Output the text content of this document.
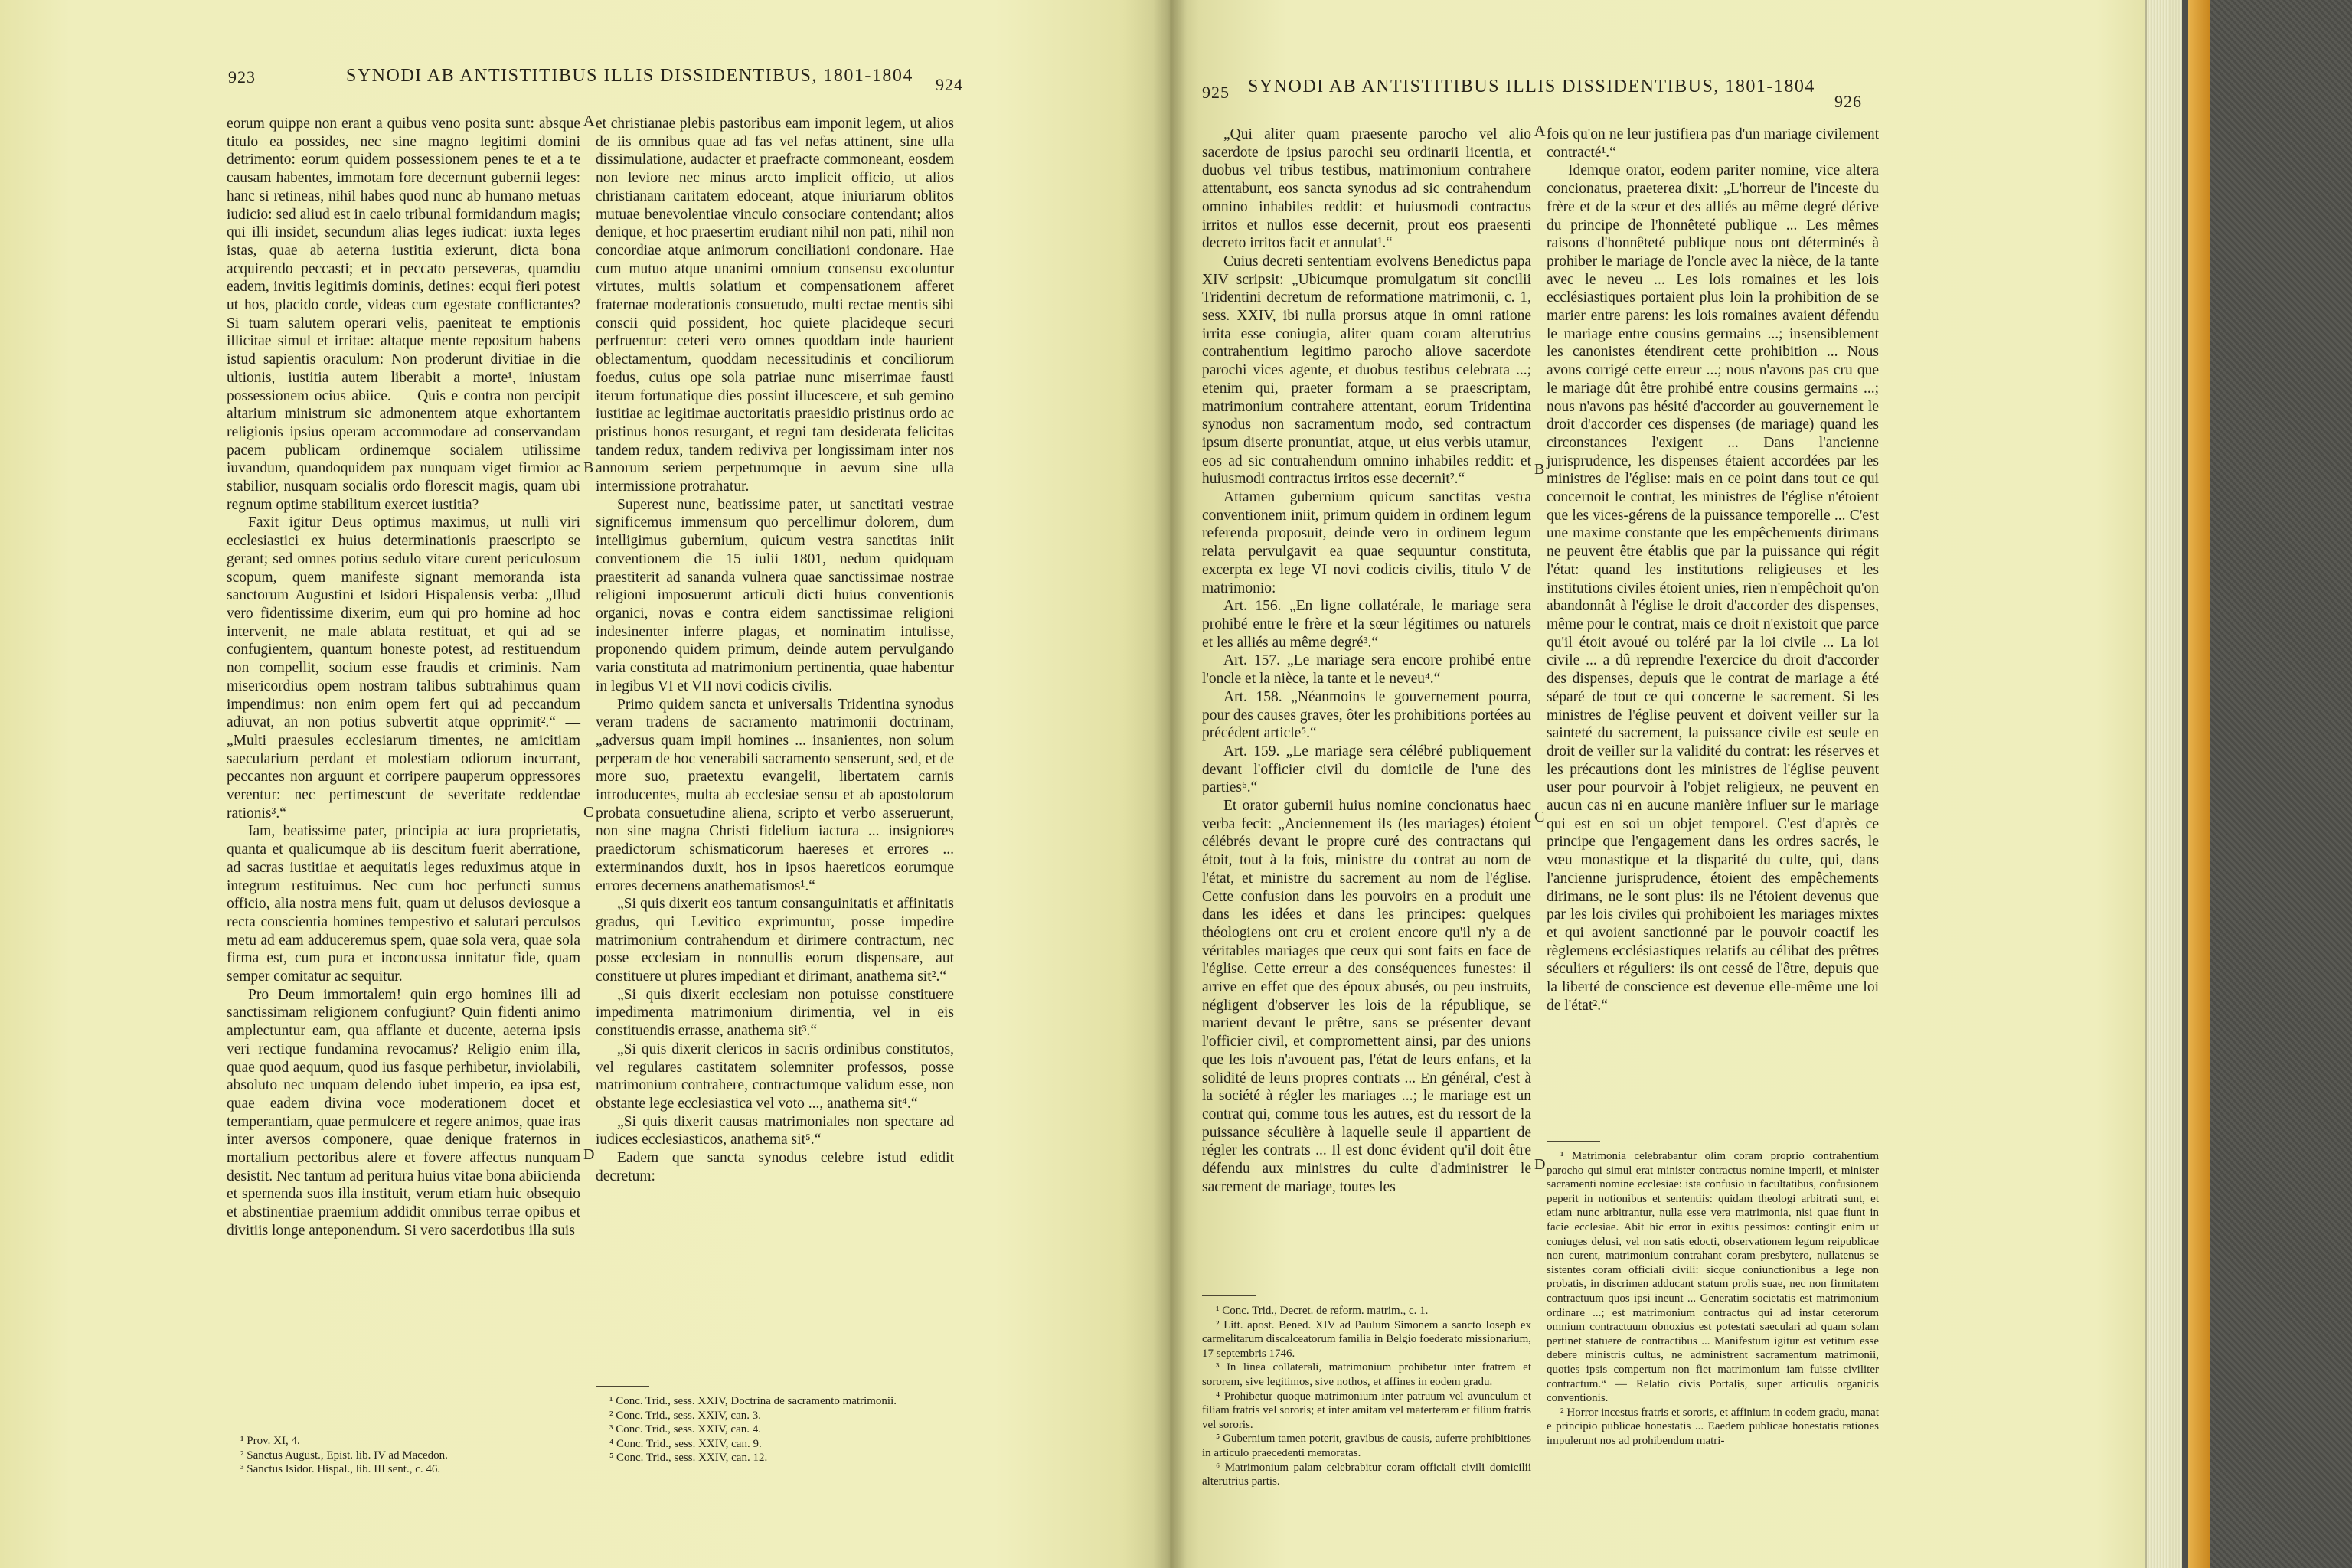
923	SYNODI AB ANTISTITIBUS ILLIS DISSIDENTIBUS, 1801-1804 924

eorum quippe non erant a quibus veno posita sunt: absque titulo ea possides, nec sine magno legitimi domini detrimento: eorum quidem possessionem penes te et a te causam habentes, immotam fore decernunt gubernii leges: hanc si retineas, nihil habes quod nunc ab humano metuas iudicio: sed aliud est in caelo tribunal formidandum magis; qui illi insidet, secundum alias leges iudicat: iuxta leges istas, quae ab aeterna iustitia exierunt, dicta bona acquirendo peccasti; et in peccato perseveras, quamdiu eadem, invitis legitimis dominis, detines: ecqui fieri potest ut hos, placido corde, videas cum egestate conflictantes? Si tuam salutem operari velis, paeniteat te emptionis illicitae simul et irritae: altaque mente repositum habens istud sapientis oraculum: Non proderunt divitiae in die ultionis, iustitia autem liberabit a morte¹, iniustam possessionem ocius abiice. — Quis e contra non percipit altarium ministrum sic admonentem atque exhortantem religionis ipsius operam accommodare ad conservandam pacem publicam ordinemque socialem utilissime iuvandum, quandoquidem pax nunquam viget firmior ac stabilior, nusquam socialis ordo florescit magis, quam ubi regnum optime stabilitum exercet iustitia?

Faxit igitur Deus optimus maximus, ut nulli viri ecclesiastici ex huius determinationis praescripto se gerant; sed omnes potius sedulo vitare curent periculosum scopum, quem manifeste signant memoranda ista sanctorum Augustini et Isidori Hispalensis verba: „Illud vero fidentissime dixerim, eum qui pro homine ad hoc intervenit, ne male ablata restituat, et qui ad se confugientem, quantum honeste potest, ad restituendum non compellit, socium esse fraudis et criminis. Nam misericordius opem nostram talibus subtrahimus quam impendimus: non enim opem fert qui ad peccandum adiuvat, an non potius subvertit atque opprimit².“ — „Multi praesules ecclesiarum timentes, ne amicitiam saecularium perdant et molestiam odiorum incurrant, peccantes non arguunt et corripere pauperum oppressores verentur: nec pertimescunt de severitate reddendae rationis³.“

Iam, beatissime pater, principia ac iura proprietatis, quanta et qualicumque ab iis descitum fuerit aberratione, ad sacras iustitiae et aequitatis leges reduximus atque in integrum restituimus. Nec cum hoc perfuncti sumus officio, alia nostra mens fuit, quam ut delusos deviosque a recta conscientia homines tempestivo et salutari perculsos metu ad eam adduceremus spem, quae sola vera, quae sola firma est, cum pura et inconcussa innitatur fide, quam semper comitatur ac sequitur.

Pro Deum immortalem! quin ergo homines illi ad sanctissimam religionem confugiunt? Quin fidenti animo amplectuntur eam, qua afflante et ducente, aeterna ipsis veri rectique fundamina revocamus? Religio enim illa, quae quod aequum, quod ius fasque perhibetur, inviolabili, absoluto nec unquam delendo iubet imperio, ea ipsa est, quae eadem divina voce moderationem docet et temperantiam, quae permulcere et regere animos, quae iras inter aversos componere, quae denique fraternos in mortalium pectoribus alere et fovere affectus nunquam desistit. Nec tantum ad peritura huius vitae bona abiicienda et spernenda suos illa instituit, verum etiam huic obsequio et abstinentiae praemium addidit omnibus terrae opibus et divitiis longe anteponendum. Si vero sacerdotibus illa suis

et christianae plebis pastoribus eam imponit legem, ut alios de iis omnibus quae ad fas vel nefas attinent, sine ulla dissimulatione, audacter et praefracte commoneant, eosdem non leviore nec minus arcto implicit officio, ut alios christianam caritatem edoceant, atque iniuriarum oblitos mutuae benevolentiae vinculo consociare contendant; alios denique, et hoc praesertim erudiant nihil non pati, nihil non concordiae atque animorum conciliationi condonare. Hae cum mutuo atque unanimi omnium consensu excoluntur virtutes, multis solatium et compensationem afferet fraternae moderationis consuetudo, multi rectae mentis sibi conscii quid possident, hoc quiete placideque securi perfruentur: ceteri vero omnes quoddam inde haurient oblectamentum, quoddam necessitudinis et conciliorum foedus, cuius ope sola patriae nunc miserrimae fausti iterum fortunatique dies possint illucescere, et sub gemino iustitiae ac legitimae auctoritatis praesidio pristinus ordo ac pristinus honos resurgant, et regni tam desiderata felicitas tandem redux, tandem rediviva per longissimam inter nos annorum seriem perpetuumque in aevum sine ulla intermissione protrahatur.

Superest nunc, beatissime pater, ut sanctitati vestrae significemus immensum quo percellimur dolorem, dum intelligimus gubernium, quicum vestra sanctitas iniit conventionem die 15 iulii 1801, nedum quidquam praestiterit ad sananda vulnera quae sanctissimae nostrae religioni imposuerunt articuli dicti huius conventionis organici, novas e contra eidem sanctissimae religioni indesinenter inferre plagas, et nominatim intulisse, proponendo quidem primum, deinde autem pervulgando varia constituta ad matrimonium pertinentia, quae habentur in legibus VI et VII novi codicis civilis.

Primo quidem sancta et universalis Tridentina synodus veram tradens de sacramento matrimonii doctrinam, „adversus quam impii homines ... insanientes, non solum perperam de hoc venerabili sacramento senserunt, sed, et de more suo, praetextu evangelii, libertatem carnis introducentes, multa ab ecclesiae sensu et ab apostolorum probata consuetudine aliena, scripto et verbo asseruerunt, non sine magna Christi fidelium iactura ... insigniores praedictorum schismaticorum haereses et errores ... exterminandos duxit, hos in ipsos haereticos eorumque errores decernens anathematismos¹.“

„Si quis dixerit eos tantum consanguinitatis et affinitatis gradus, qui Levitico exprimuntur, posse impedire matrimonium contrahendum et dirimere contractum, nec posse ecclesiam in nonnullis eorum dispensare, aut constituere ut plures impediant et dirimant, anathema sit².“

„Si quis dixerit ecclesiam non potuisse constituere impedimenta matrimonium dirimentia, vel in eis constituendis errasse, anathema sit³.“

„Si quis dixerit clericos in sacris ordinibus constitutos, vel regulares castitatem solemniter professos, posse matrimonium contrahere, contractumque validum esse, non obstante lege ecclesiastica vel voto ..., anathema sit⁴.“

„Si quis dixerit causas matrimoniales non spectare ad iudices ecclesiasticos, anathema sit⁵.“

Eadem que sancta synodus celebre istud edidit decretum:

A
B
C
D
¹ Prov. XI, 4.
² Sanctus August., Epist. lib. IV ad Macedon.
³ Sanctus Isidor. Hispal., lib. III sent., c. 46.
¹ Conc. Trid., sess. XXIV, Doctrina de sacramento matrimonii.
² Conc. Trid., sess. XXIV, can. 3.
³ Conc. Trid., sess. XXIV, can. 4.
⁴ Conc. Trid., sess. XXIV, can. 9.
⁵ Conc. Trid., sess. XXIV, can. 12.
925 SYNODI AB ANTISTITIBUS ILLIS DISSIDENTIBUS, 1801-1804
926

„Qui aliter quam praesente parocho vel alio sacerdote de ipsius parochi seu ordinarii licentia, et duobus vel tribus testibus, matrimonium contrahere attentabunt, eos sancta synodus ad sic contrahendum omnino inhabiles reddit: et huiusmodi contractus irritos et nullos esse decernit, prout eos praesenti decreto irritos facit et annulat¹.“

Cuius decreti sententiam evolvens Benedictus papa XIV scripsit: „Ubicumque promulgatum sit concilii Tridentini decretum de reformatione matrimonii, c. 1, sess. XXIV, ibi nulla prorsus atque in omni ratione irrita esse coniugia, aliter quam coram alterutrius contrahentium legitimo parocho aliove sacerdote parochi vices agente, et duobus testibus celebrata ...; etenim qui, praeter formam a se praescriptam, matrimonium contrahere attentant, eorum Tridentina synodus non sacramentum modo, sed contractum ipsum diserte pronuntiat, atque, ut eius verbis utamur, eos ad sic contrahendum omnino inhabiles reddit: et huiusmodi contractus irritos esse decernit².“

Attamen gubernium quicum sanctitas vestra conventionem iniit, primum quidem in ordinem legum referenda proposuit, deinde vero in ordinem legum relata pervulgavit ea quae sequuntur constituta, excerpta ex lege VI novi codicis civilis, titulo V de matrimonio:

Art. 156. „En ligne collatérale, le mariage sera prohibé entre le frère et la sœur légitimes ou naturels et les alliés au même degré³.“

Art. 157. „Le mariage sera encore prohibé entre l'oncle et la nièce, la tante et le neveu⁴.“

Art. 158. „Néanmoins le gouvernement pourra, pour des causes graves, ôter les prohibitions portées au précédent article⁵.“

Art. 159. „Le mariage sera célébré publiquement devant l'officier civil du domicile de l'une des parties⁶.“

Et orator gubernii huius nomine concionatus haec verba fecit: „Anciennement ils (les mariages) étoient célébrés devant le propre curé des contractans qui étoit, tout à la fois, ministre du contrat au nom de l'état, et ministre du sacrement au nom de l'église. Cette confusion dans les pouvoirs en a produit une dans les idées et dans les principes: quelques théologiens ont cru et croient encore qu'il n'y a de véritables mariages que ceux qui sont faits en face de l'église. Cette erreur a des conséquences funestes: il arrive en effet que des époux abusés, ou peu instruits, négligent d'observer les lois de la république, se marient devant le prêtre, sans se présenter devant l'officier civil, et compromettent ainsi, par des unions que les lois n'avouent pas, l'état de leurs enfans, et la solidité de leurs propres contrats ... En général, c'est à la société à régler les mariages ...; le mariage est un contrat qui, comme tous les autres, est du ressort de la puissance séculière à laquelle seule il appartient de régler les contrats ... Il est donc évident qu'il doit être défendu aux ministres du culte d'administrer le sacrement de mariage, toutes les

fois qu'on ne leur justifiera pas d'un mariage civilement contracté¹.“

Idemque orator, eodem pariter nomine, vice altera concionatus, praeterea dixit: „L'horreur de l'inceste du frère et de la sœur et des alliés au même degré dérive du principe de l'honnêteté publique ... Les mêmes raisons d'honnêteté publique nous ont déterminés à prohiber le mariage de l'oncle avec la nièce, de la tante avec le neveu ... Les lois romaines et les lois ecclésiastiques portaient plus loin la prohibition de se marier entre parens: les lois romaines avaient défendu le mariage entre cousins germains ...; insensiblement les canonistes étendirent cette prohibition ... Nous avons corrigé cette erreur ...; nous n'avons pas cru que le mariage dût être prohibé entre cousins germains ...; nous n'avons pas hésité d'accorder au gouvernement le droit d'accorder ces dispenses (de mariage) quand les circonstances l'exigent ... Dans l'ancienne jurisprudence, les dispenses étaient accordées par les ministres de l'église: mais en ce point dans tout ce qui concernoit le contrat, les ministres de l'église n'étoient que les vices-gérens de la puissance temporelle ... C'est une maxime constante que les empêchements dirimans ne peuvent être établis que par la puissance qui régit l'état: quand les institutions religieuses et les institutions civiles étoient unies, rien n'empêchoit qu'on abandonnât à l'église le droit d'accorder des dispenses, même pour le contrat, mais ce droit n'existoit que parce qu'il étoit avoué ou toléré par la loi civile ... La loi civile ... a dû reprendre l'exercice du droit d'accorder des dispenses, depuis que le contrat de mariage a été séparé de tout ce qui concerne le sacrement. Si les ministres de l'église peuvent et doivent veiller sur la sainteté du sacrement, la puissance civile est seule en droit de veiller sur la validité du contrat: les réserves et les précautions dont les ministres de l'église peuvent user pour pourvoir à l'objet religieux, ne peuvent en aucun cas ni en aucune manière influer sur le mariage qui est en soi un objet temporel. C'est d'après ce principe que l'engagement dans les ordres sacrés, le vœu monastique et la disparité du culte, qui, dans l'ancienne jurisprudence, étoient des empêchements dirimans, ne le sont plus: ils ne l'étoient devenus que par les lois civiles qui prohiboient les mariages mixtes et qui avoient sanctionné par le pouvoir coactif les règlemens ecclésiastiques relatifs au célibat des prêtres séculiers et réguliers: ils ont cessé de l'être, depuis que la liberté de conscience est devenue elle-même une loi de l'état².“

A
B
C
D
¹ Conc. Trid., Decret. de reform. matrim., c. 1.
² Litt. apost. Bened. XIV ad Paulum Simonem a sancto Ioseph ex carmelitarum discalceatorum familia in Belgio foederato missionarium, 17 septembris 1746.
³ In linea collaterali, matrimonium prohibetur inter fratrem et sororem, sive legitimos, sive nothos, et affines in eodem gradu.
⁴ Prohibetur quoque matrimonium inter patruum vel avunculum et filiam fratris vel sororis; et inter amitam vel materteram et filium fratris vel sororis.
⁵ Gubernium tamen poterit, gravibus de causis, auferre prohibitiones in articulo praecedenti memoratas.
⁶ Matrimonium palam celebrabitur coram officiali civili domicilii alterutrius partis.
¹ Matrimonia celebrabantur olim coram proprio contrahentium parocho qui simul erat minister contractus nomine imperii, et minister sacramenti nomine ecclesiae: ista confusio in facultatibus, confusionem peperit in notionibus et sententiis: quidam theologi arbitrati sunt, et etiam nunc arbitrantur, nulla esse vera matrimonia, nisi quae fiunt in facie ecclesiae. Abit hic error in exitus pessimos: contingit enim ut coniuges delusi, vel non satis edocti, observationem legum reipublicae non curent, matrimonium contrahant coram presbytero, nullatenus se sistentes coram officiali civili: sicque coniunctionibus a lege non probatis, in discrimen adducant statum prolis suae, nec non firmitatem contractuum quos ipsi ineunt ... Generatim societatis est matrimonium ordinare ...; est matrimonium contractus qui ad instar ceterorum omnium contractuum obnoxius est potestati saeculari ad quam solam pertinet statuere de contractibus ... Manifestum igitur est vetitum esse debere ministris cultus, ne administrent sacramentum matrimonii, quoties ipsis compertum non fiet matrimonium iam fuisse civiliter contractum.“ — Relatio civis Portalis, super articulis organicis conventionis.
² Horror incestus fratris et sororis, et affinium in eodem gradu, manat e principio publicae honestatis ... Eaedem publicae honestatis rationes impulerunt nos ad prohibendum matri-
